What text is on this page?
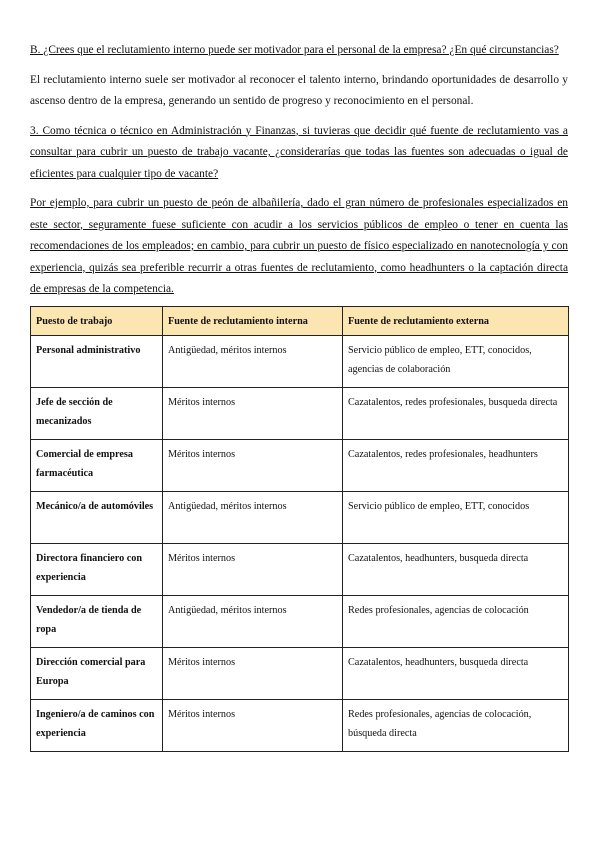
B. ¿Crees que el reclutamiento interno puede ser motivador para el personal de la empresa? ¿En qué circunstancias?

El reclutamiento interno suele ser motivador al reconocer el talento interno, brindando oportunidades de desarrollo y ascenso dentro de la empresa, generando un sentido de progreso y reconocimiento en el personal.

3. Como técnica o técnico en Administración y Finanzas, si tuvieras que decidir qué fuente de reclutamiento vas a consultar para cubrir un puesto de trabajo vacante, ¿considerarías que todas las fuentes son adecuadas o igual de eficientes para cualquier tipo de vacante?

Por ejemplo, para cubrir un puesto de peón de albañilería, dado el gran número de profesionales especializados en este sector, seguramente fuese suficiente con acudir a los servicios públicos de empleo o tener en cuenta las recomendaciones de los empleados; en cambio, para cubrir un puesto de físico especializado en nanotecnología y con experiencia, quizás sea preferible recurrir a otras fuentes de reclutamiento, como headhunters o la captación directa de empresas de la competencia.

Puesto de trabajo	Fuente de reclutamiento interna	Fuente de reclutamiento externa
Personal administrativo	Antigüedad, méritos internos	Servicio público de empleo, ETT, conocidos, agencias de colaboración
Jefe de sección de mecanizados	Méritos internos	Cazatalentos, redes profesionales, busqueda directa
Comercial de empresa farmacéutica	Méritos internos	Cazatalentos, redes profesionales, headhunters
Mecánico/a de automóviles	Antigüedad, méritos internos	Servicio público de empleo, ETT, conocidos
Directora financiero con experiencia	Méritos internos	Cazatalentos, headhunters, busqueda directa
Vendedor/a de tienda de ropa	Antigüedad, méritos internos	Redes profesionales, agencias de colocación
Dirección comercial para Europa	Méritos internos	Cazatalentos, headhunters, busqueda directa
Ingeniero/a de caminos con experiencia	Méritos internos	Redes profesionales, agencias de colocación, búsqueda directa
